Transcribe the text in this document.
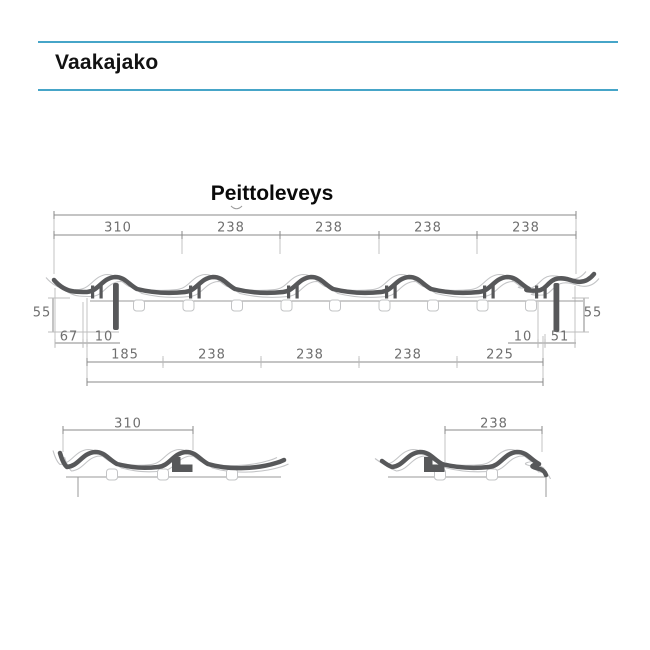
Vaakajako
Peittoleveys
310	238	238	238	238
55	55
67 10	10 51
185	238	238	238	225
310	238
